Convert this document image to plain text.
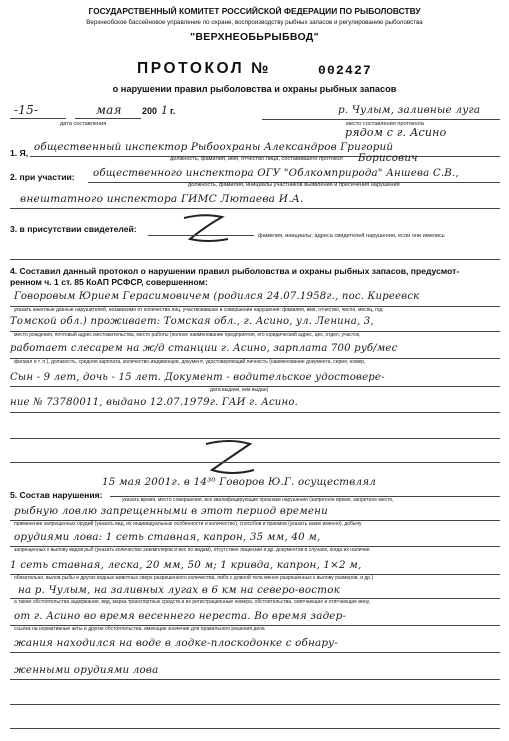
ГОСУДАРСТВЕННЫЙ КОМИТЕТ РОССИЙСКОЙ ФЕДЕРАЦИИ ПО РЫБОЛОВСТВУ
Верхнеобское бассейновое управление по охране, воспроизводству рыбных запасов и регулированию рыболовства
"ВЕРХНЕОБЬРЫБВОД"
ПРОТОКОЛ №	002427
о нарушении правил рыболовства и охраны рыбных запасов
-15-	мая 200 1 г.
дата составления
р. Чулым, заливные луга
место составления протокола
рядом с г. Асино
1. Я, общественный инспектор Рыбоохраны Александров Григорий
должность, фамилия, имя, отчество лица, составившего протокол Борисович
2. при участии: общественного инспектора ОГУ "Облкомприрода" Аншева С.В.,
должность, фамилия, инициалы участников выявления и пресечения нарушения
внештатного инспектора ГИМС Лютаева И.А.
3. в присутствии свидетелей:
фамилия, инициалы; адреса свидетелей нарушения, если они имелись
4. Составил данный протокол о нарушении правил рыболовства и охраны рыбных запасов, предусмот-
ренном ч. 1 ст. 85 КоАП РСФСР, совершенном:
Говоровым Юрием Герасимовичем (родился 24.07.1958г., пос. Киреевск
указать анкетные данные нарушителей, независимо от количества лиц, участвовавших в совершении нарушения: фамилия, имя, отчество, число, месяц, год
Томской обл.) проживает: Томская обл., г. Асино, ул. Ленина, 3,
место рождения, почтовый адрес местожительства, место работы (полное наименование предприятия, его юридический адрес, цех, отдел, участок,
работает слесарем на ж/д станции г. Асино, зарплата 700 руб/мес
филиал и т. п.), должность, средняя зарплата, количество иждивенцев, документ, удостоверяющий личность (наименование документа, серия, номер,
Сын - 9 лет, дочь - 15 лет. Документ - водительское удостовере-
дата выдачи, кем выдан)
ние № 73780011, выдано 12.07.1979г. ГАИ г. Асино.
5. Состав нарушения:
15 мая 2001г. в 14³⁰ Говоров Ю.Г. осуществлял
указать время, место совершения, все квалифицирующие признаки нарушения (запретное время, запретное место,
рыбную ловлю запрещенными в этот период времени
применение запрещенных орудий (указать вид, их индивидуальные особенности и количество), способов и приемов (указать каких именно), добычу
орудиями лова: 1 сеть ставная, капрон, 35 мм, 40 м,
запрещенных к вылову видов рыб (указать количество экземпляров и вес по видам), отсутствие лицензии и др. документов в случаях, когда их наличие
1 сеть ставная, леска, 20 мм, 50 м; 1 кривда, капрон, 1×2 м,
обязательно, вылов рыбы и других водных животных сверх разрешенного количества, либо с длиной тела менее разрешенных к вылову размеров, и др.)
на р. Чулым, на заливных лугах в 6 км на северо-восток
а также обстоятельства задержания, вид, марка транспортных средств и их регистрационные номера, обстоятельства, смягчающие и отягчающие вину,
от г. Асино во время весеннего нереста. Во время задер-
ссылка на нормативные акты и другие обстоятельства, имеющие значение для правильного решения дела
жания находился на воде в лодке-плоскодонке с обнару-
женными орудиями лова
